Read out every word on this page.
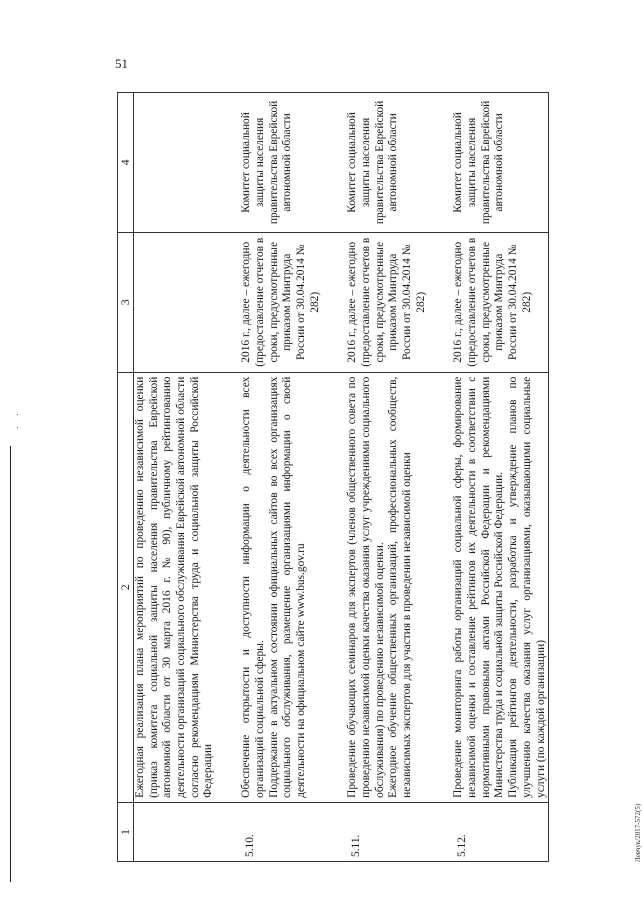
51
Левчук/2017-572(5)
1	2	3	4

	Ежегодная реализация плана мероприятий по проведению независимой оценки (приказ комитета социальной защиты населения правительства Еврейской автономной области от 30 марта 2016 г. № 90), публичному рейтингованию деятельности организаций социального обслуживания Еврейской автономной области согласно рекомендациям Министерства труда и социальной защиты Российской Федерации		

5.10.	Обеспечение открытости и доступности информации о деятельности всех организаций социальной сферы. Поддержание в актуальном состоянии официальных сайтов во всех организациях социального обслуживания, размещение организациями информации о своей деятельности на официальном сайте www.bus.gov.ru	2016 г., далее – ежегодно (предоставление отчетов в сроки, предусмотренные приказом Минтруда России от 30.04.2014 № 282)	Комитет социальной защиты населения правительства Еврейской автономной области

5.11.	Проведение обучающих семинаров для экспертов (членов общественного совета по проведению независимой оценки качества оказания услуг учреждениями социального обслуживания) по проведению независимой оценки. Ежегодное обучение общественных организаций, профессиональных сообществ, независимых экспертов для участия в проведении независимой оценки	2016 г., далее – ежегодно (предоставление отчетов в сроки, предусмотренные приказом Минтруда России от 30.04.2014 № 282)	Комитет социальной защиты населения правительства Еврейской автономной области

5.12.	Проведение мониторинга работы организаций социальной сферы, формирование независимой оценки и составление рейтингов их деятельности в соответствии с нормативными правовыми актами Российской Федерации и рекомендациями Министерства труда и социальной защиты Российской Федерации. Публикация рейтингов деятельности, разработка и утверждение планов по улучшению качества оказания услуг организациями, оказывающими социальные услуги (по каждой организации)	2016 г., далее – ежегодно (предоставление отчетов в сроки, предусмотренные приказом Минтруда России от 30.04.2014 № 282)	Комитет социальной защиты населения правительства Еврейской автономной области
